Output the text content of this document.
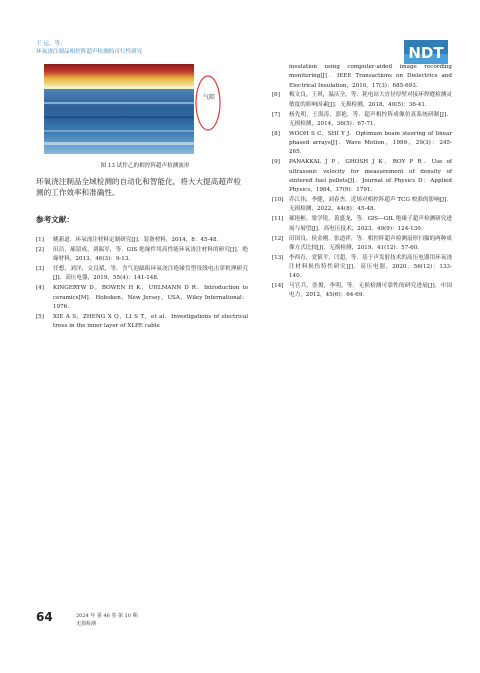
王 运，等：
环氧浇注制品相控阵超声检测的可行性研究	NDT
气隙
图 13 试件乙的相控阵超声检测波形
环氧浇注制品全域检测的自动化和智能化，将大大提高超声检测的工作效率和准确性。
参考文献：
[1]	姚新道．环氧浇注材料定制研究[J]．装备材料，2014，8：45-48．
[2]	田洁，郝留成，刘瑞军，等．GIS 绝缘件用高性能环氧浇注材料的研究[J]．绝缘材料，2013，46(3)：9-13．
[3]	任想，刘洋，文良斌，等．含气泡缺陷环氧浇注绝缘管型母线电击穿机理研究[J]．高压电器，2019，55(4)：141-148．
[4]	KINGERYW D，BOWEN H K，UHLMANN D R．Introduction to ceramics[M]．Hoboken，New Jersey，USA，Wiley International：1976．
[5]	XIE A S，ZHENG X Q，LI S T，et al．Investigations of electrical trees in the inner layer of XLPE cable
insulation using computer-aided image recording monitoring[J]．IEEE Transactions on Dielectrics and Electrical Insulation，2010，17(3)：685-693．
[6]	梅文良，王琪，温庆全，等．耗电站大直径厚壁对接环焊缝检测灵敏度的影响因素[J]．无损检测，2018，40(5)：36-41．
[7]	杨先明，王海涛，郭艳，等．超声相控阵成像仿真系统研制[J]．无损检测，2014，36(5)：67-71．
[8]	WOOH S C，SHI Y J．Optimum beam steering of linear phased arrays[J]．Wave Motion，1999，29(3)：245-265．
[9]	PANAKKAL J P，GHOSH J K，ROY P R．Use of ultrasonic velocity for measurement of density of sintered fuel pellets[J]．Journal of Physics D：Applied Physics，1984，17(9)：1791．
[10] 乔江伟，李健，刘春杰．近场对相控阵超声 TCG 校准的影响[J]．无损检测，2022，44(8)：45-48．
[11] 郝艳彬，梁学锐，黄盛龙，等．GIS—GIL 绝缘子超声检测研究进展与展望[J]．高电压技术，2023，49(9)：124-130．
[12] 田国良，侯金刚，张道祥，等．相控阵超声检测扇形扫描的两种成像方式比较[J]．无损检测，2019，41(12)：57-60．
[13] 李西育，党镇平，闫超，等．基于声发射技术的高压电器用环氧浇注材料损伤特性研究[J]．高压电器，2020，56(12)：133-140．
[14] 马官兵，张俊，李明，等．无损检测可靠性的研究进展[J]．中国电力，2012，45(6)：64-69．
64	2024 年 第 46 卷 第 10 期
无损检测
